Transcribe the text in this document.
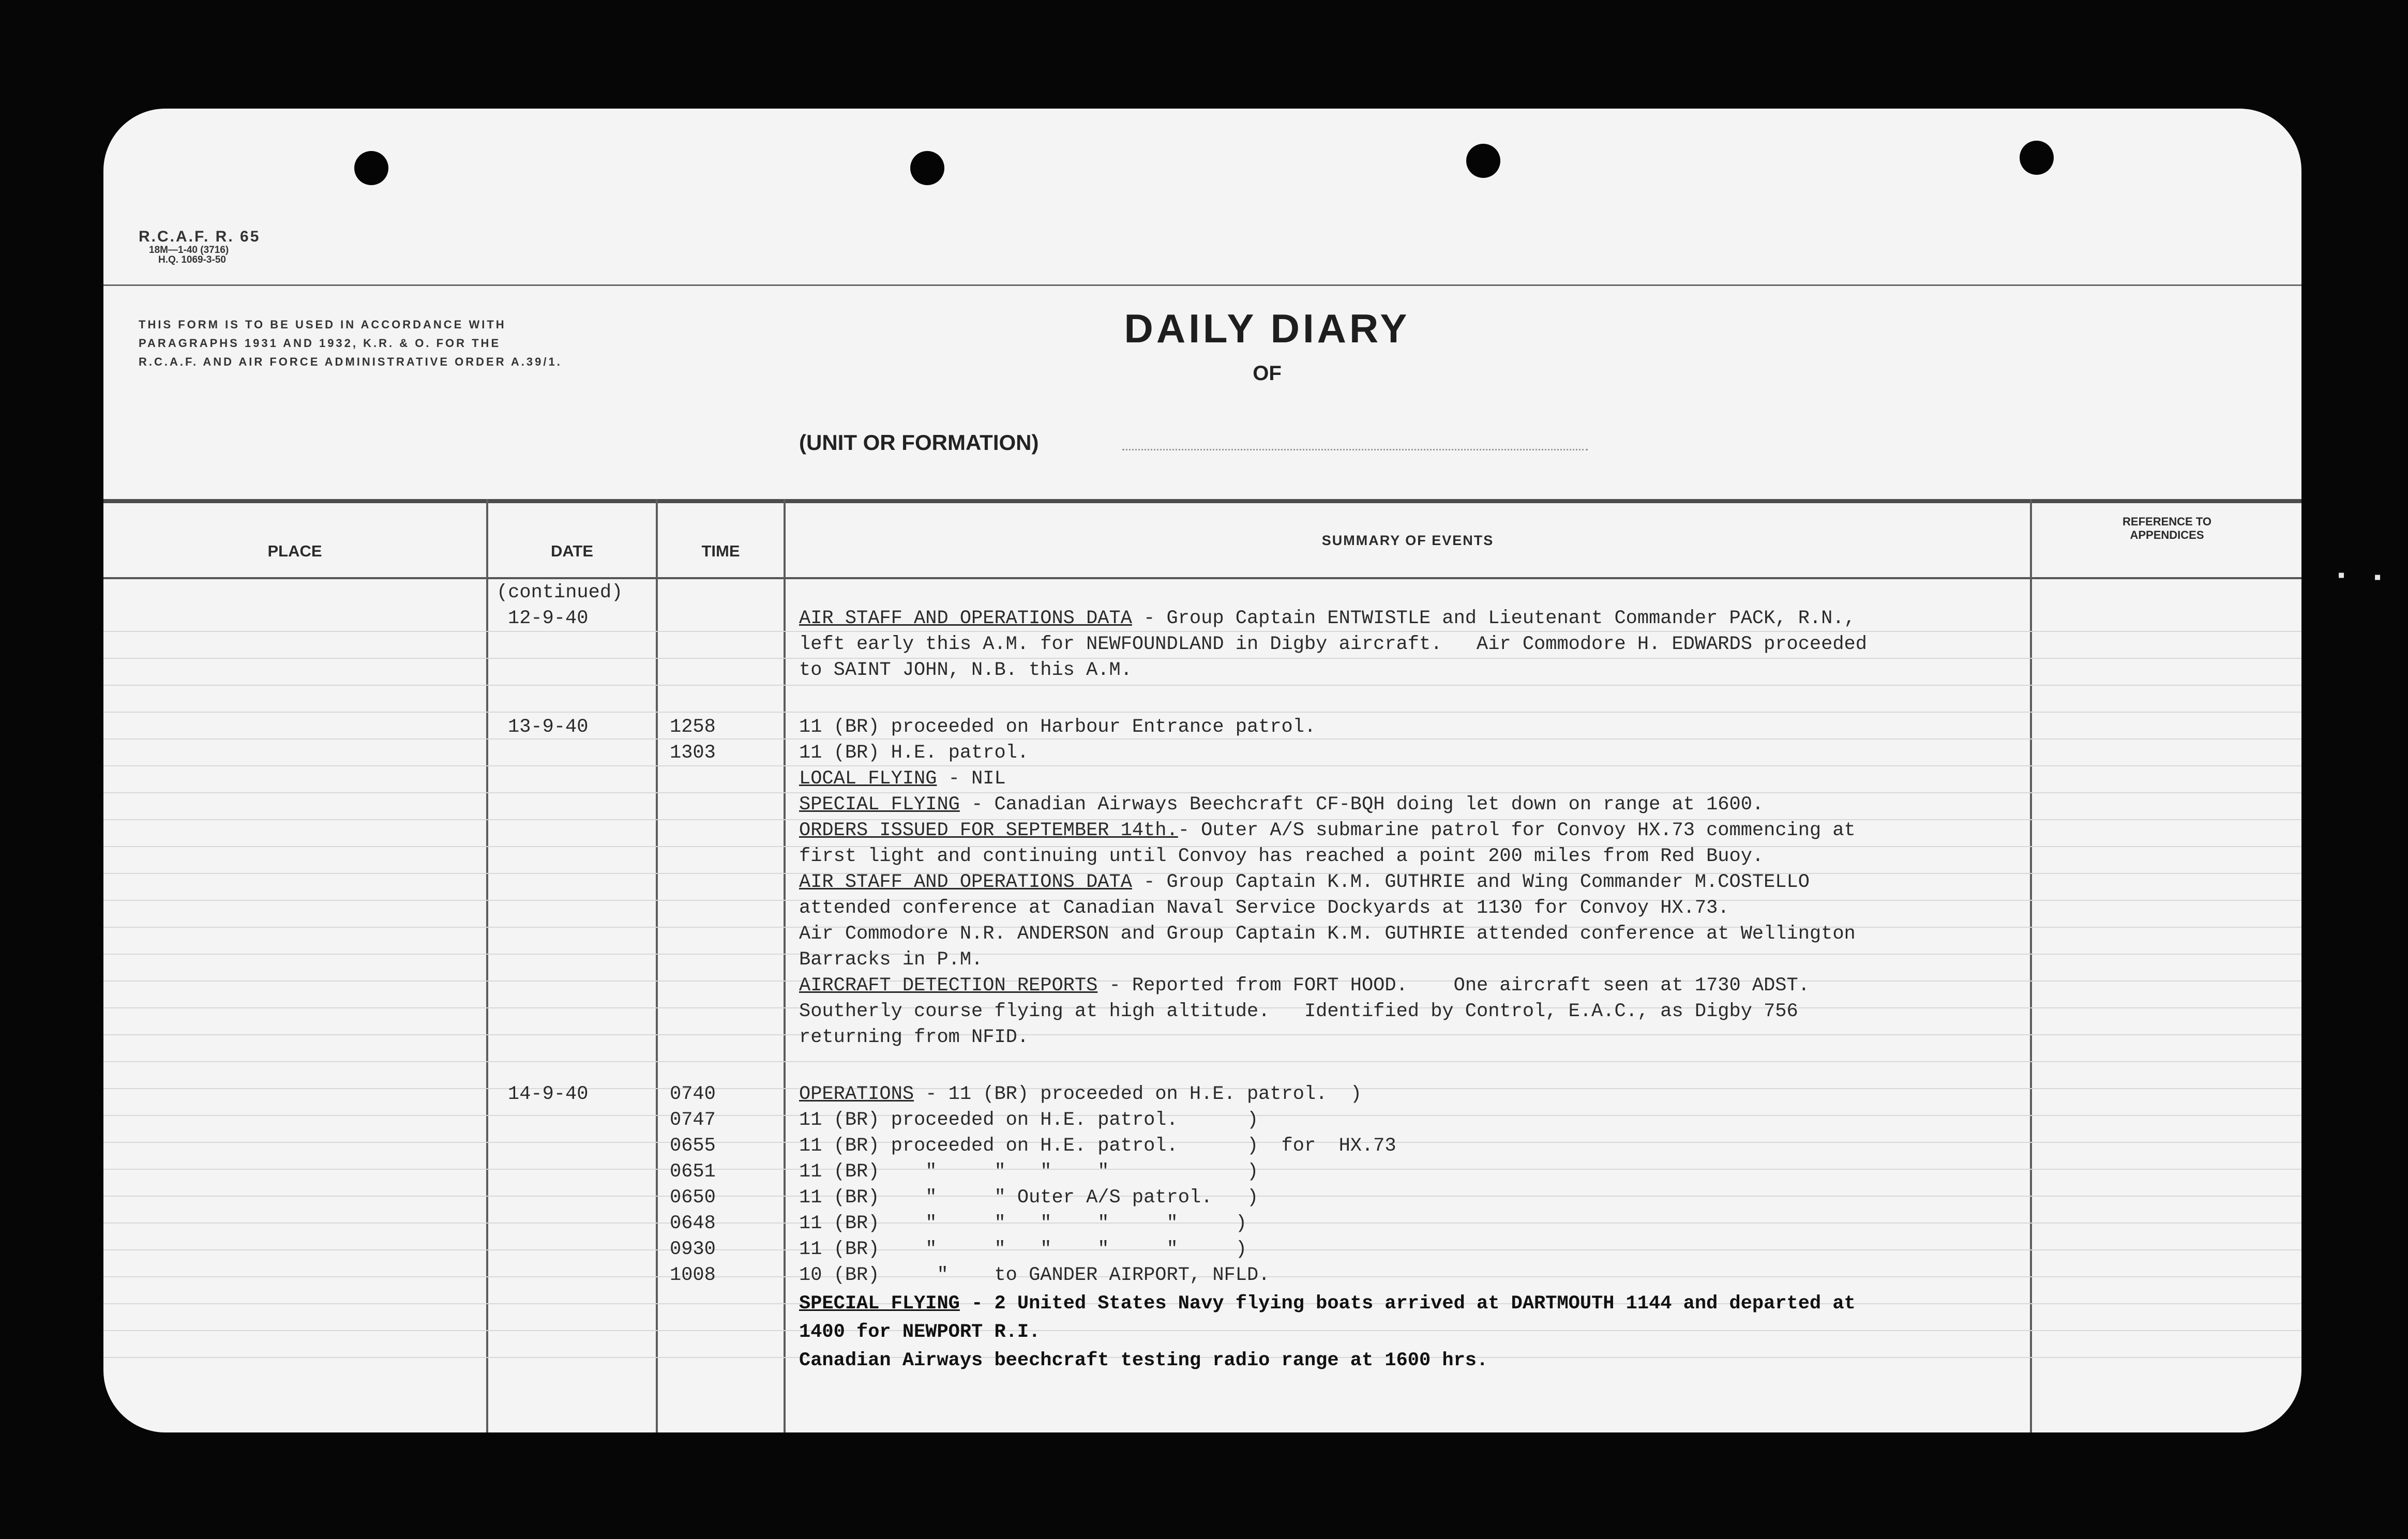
R.C.A.F. R. 65
18M—1-40 (3716)
H.Q. 1069-3-50
THIS FORM IS TO BE USED IN ACCORDANCE WITH PARAGRAPHS 1931 AND 1932, K.R. & O. FOR THE R.C.A.F. AND AIR FORCE ADMINISTRATIVE ORDER A.39/1.
DAILY DIARY
OF
(UNIT OR FORMATION)
PLACE	DATE	TIME
SUMMARY OF EVENTS
REFERENCE TO APPENDICES
(continued)
12-9-40
13-9-40
14-9-40
1258
1303
0740
0747
0655
0651
0650
0648
0930
1008
AIR STAFF AND OPERATIONS DATA - Group Captain ENTWISTLE and Lieutenant Commander PACK, R.N.,
left early this A.M. for NEWFOUNDLAND in Digby aircraft.   Air Commodore H. EDWARDS proceeded
to SAINT JOHN, N.B. this A.M.
11 (BR) proceeded on Harbour Entrance patrol.
11 (BR) H.E. patrol.
LOCAL FLYING - NIL
SPECIAL FLYING - Canadian Airways Beechcraft CF-BQH doing let down on range at 1600.
ORDERS ISSUED FOR SEPTEMBER 14th.- Outer A/S submarine patrol for Convoy HX.73 commencing at
first light and continuing until Convoy has reached a point 200 miles from Red Buoy.
AIR STAFF AND OPERATIONS DATA - Group Captain K.M. GUTHRIE and Wing Commander M.COSTELLO
attended conference at Canadian Naval Service Dockyards at 1130 for Convoy HX.73.
Air Commodore N.R. ANDERSON and Group Captain K.M. GUTHRIE attended conference at Wellington
Barracks in P.M.
AIRCRAFT DETECTION REPORTS - Reported from FORT HOOD.    One aircraft seen at 1730 ADST.
Southerly course flying at high altitude.   Identified by Control, E.A.C., as Digby 756
returning from NFID.
OPERATIONS - 11 (BR) proceeded on H.E. patrol.  )
11 (BR) proceeded on H.E. patrol.      )
11 (BR) proceeded on H.E. patrol.      )  for  HX.73
11 (BR)    "     "   "    "            )
11 (BR)    "     " Outer A/S patrol.   )
11 (BR)    "     "   "    "     "     )
11 (BR)    "     "   "    "     "     )
10 (BR)     "    to GANDER AIRPORT, NFLD.
SPECIAL FLYING - 2 United States Navy flying boats arrived at DARTMOUTH 1144 and departed at
1400 for NEWPORT R.I.
Canadian Airways beechcraft testing radio range at 1600 hrs.
▪ ▪
